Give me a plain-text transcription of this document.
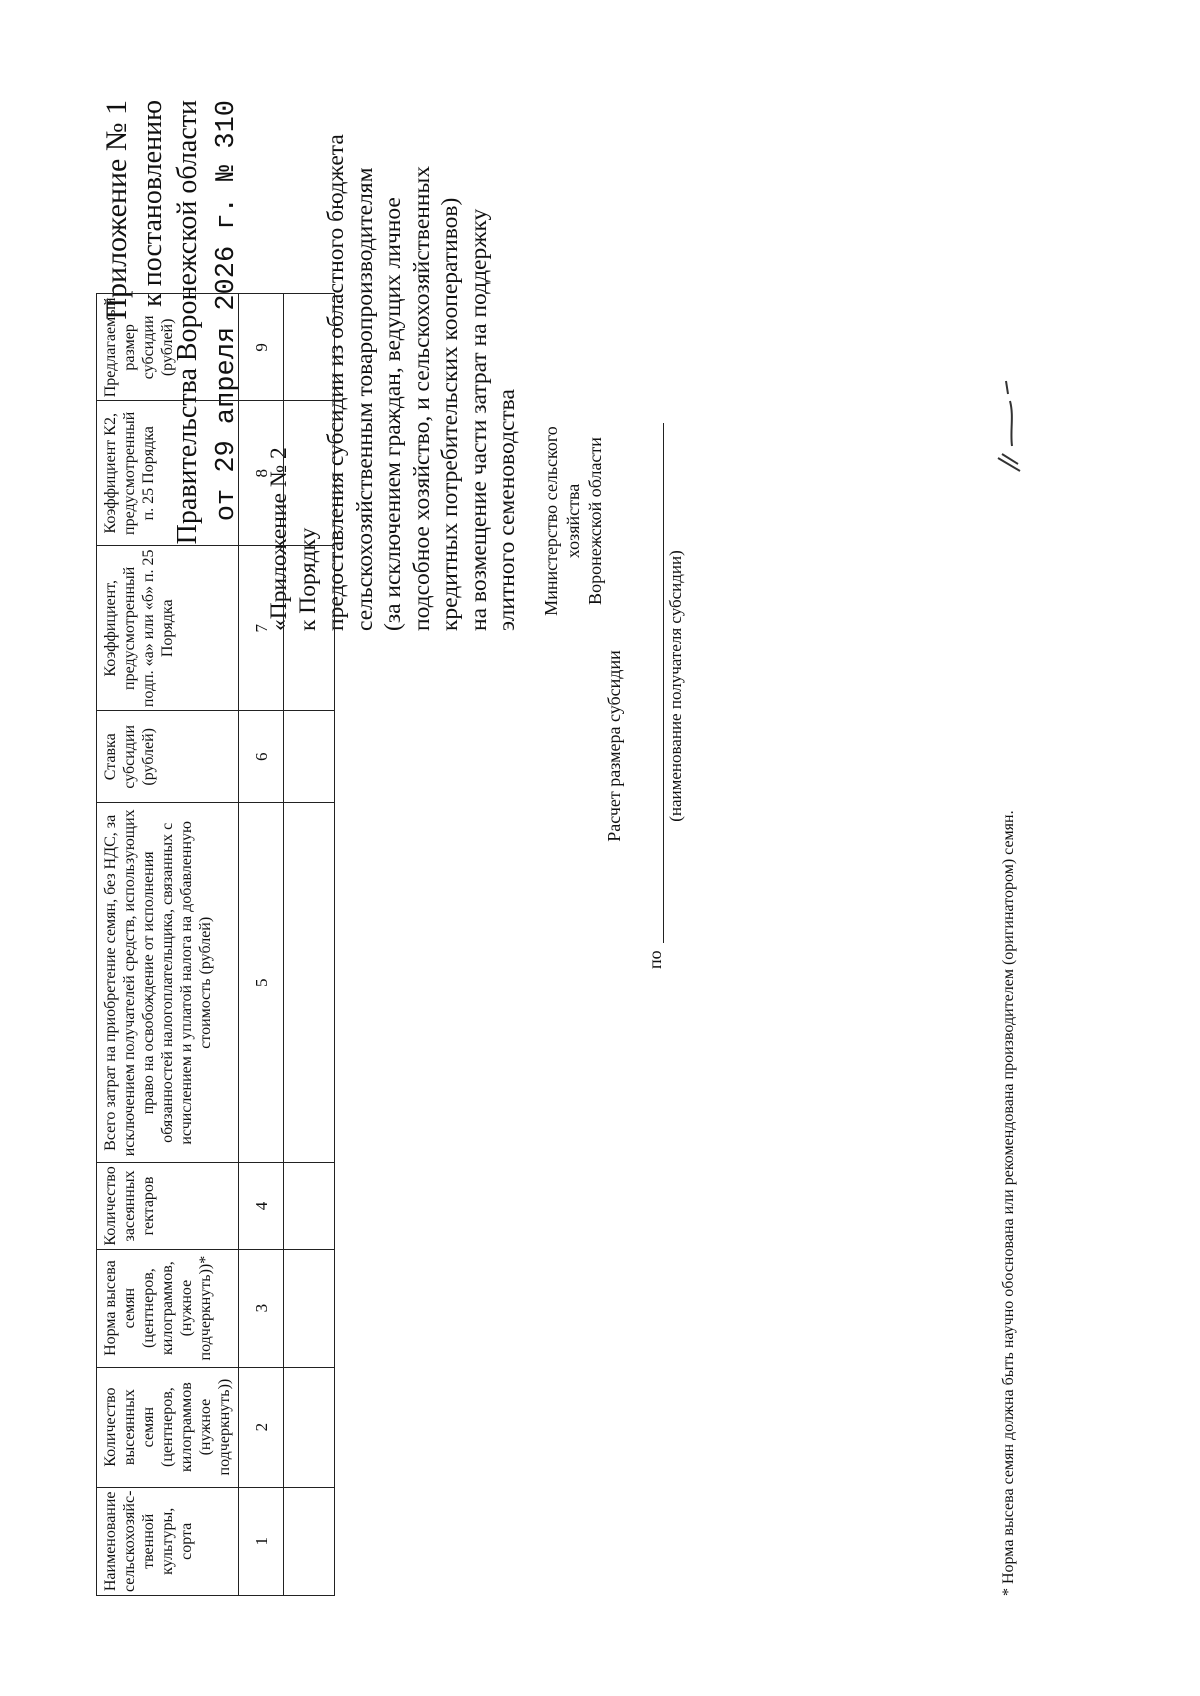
Приложение № 1 к постановлению Правительства Воронежской области от 29 апреля 2026 г. № 310
«Приложение № 2 к Порядку предоставления субсидии из областного бюджета сельскохозяйственным товаропроизводителям (за исключением граждан, ведущих личное подсобное хозяйство, и сельскохозяйственных кредитных потребительских кооперативов) на возмещение части затрат на поддержку элитного семеноводства Министерство сельского хозяйства Воронежской области
Расчет размера субсидии
по
(наименование получателя субсидии)
Наименование сельскохозяйс-твенной культуры, сорта	Количество высеянных семян (центнеров, килограммов (нужное подчеркнуть))	Норма высева семян (центнеров, килограммов, (нужное подчеркнуть))*	Количество засеянных гектаров	Всего затрат на приобретение семян, без НДС, за исключением получателей средств, использующих право на освобождение от исполнения обязанностей налогоплательщика, связанных с исчислением и уплатой налога на добавленную стоимость (рублей)	Ставка субсидии (рублей)	Коэффициент, предусмотренный подп. «а» или «б» п. 25 Порядка	Коэффициент К2, предусмотренный п. 25 Порядка	Предлагаемый размер субсидии (рублей)
1	2	3	4	5	6	7	8	9

* Норма высева семян должна быть научно обоснована или рекомендована производителем (оригинатором) семян.
